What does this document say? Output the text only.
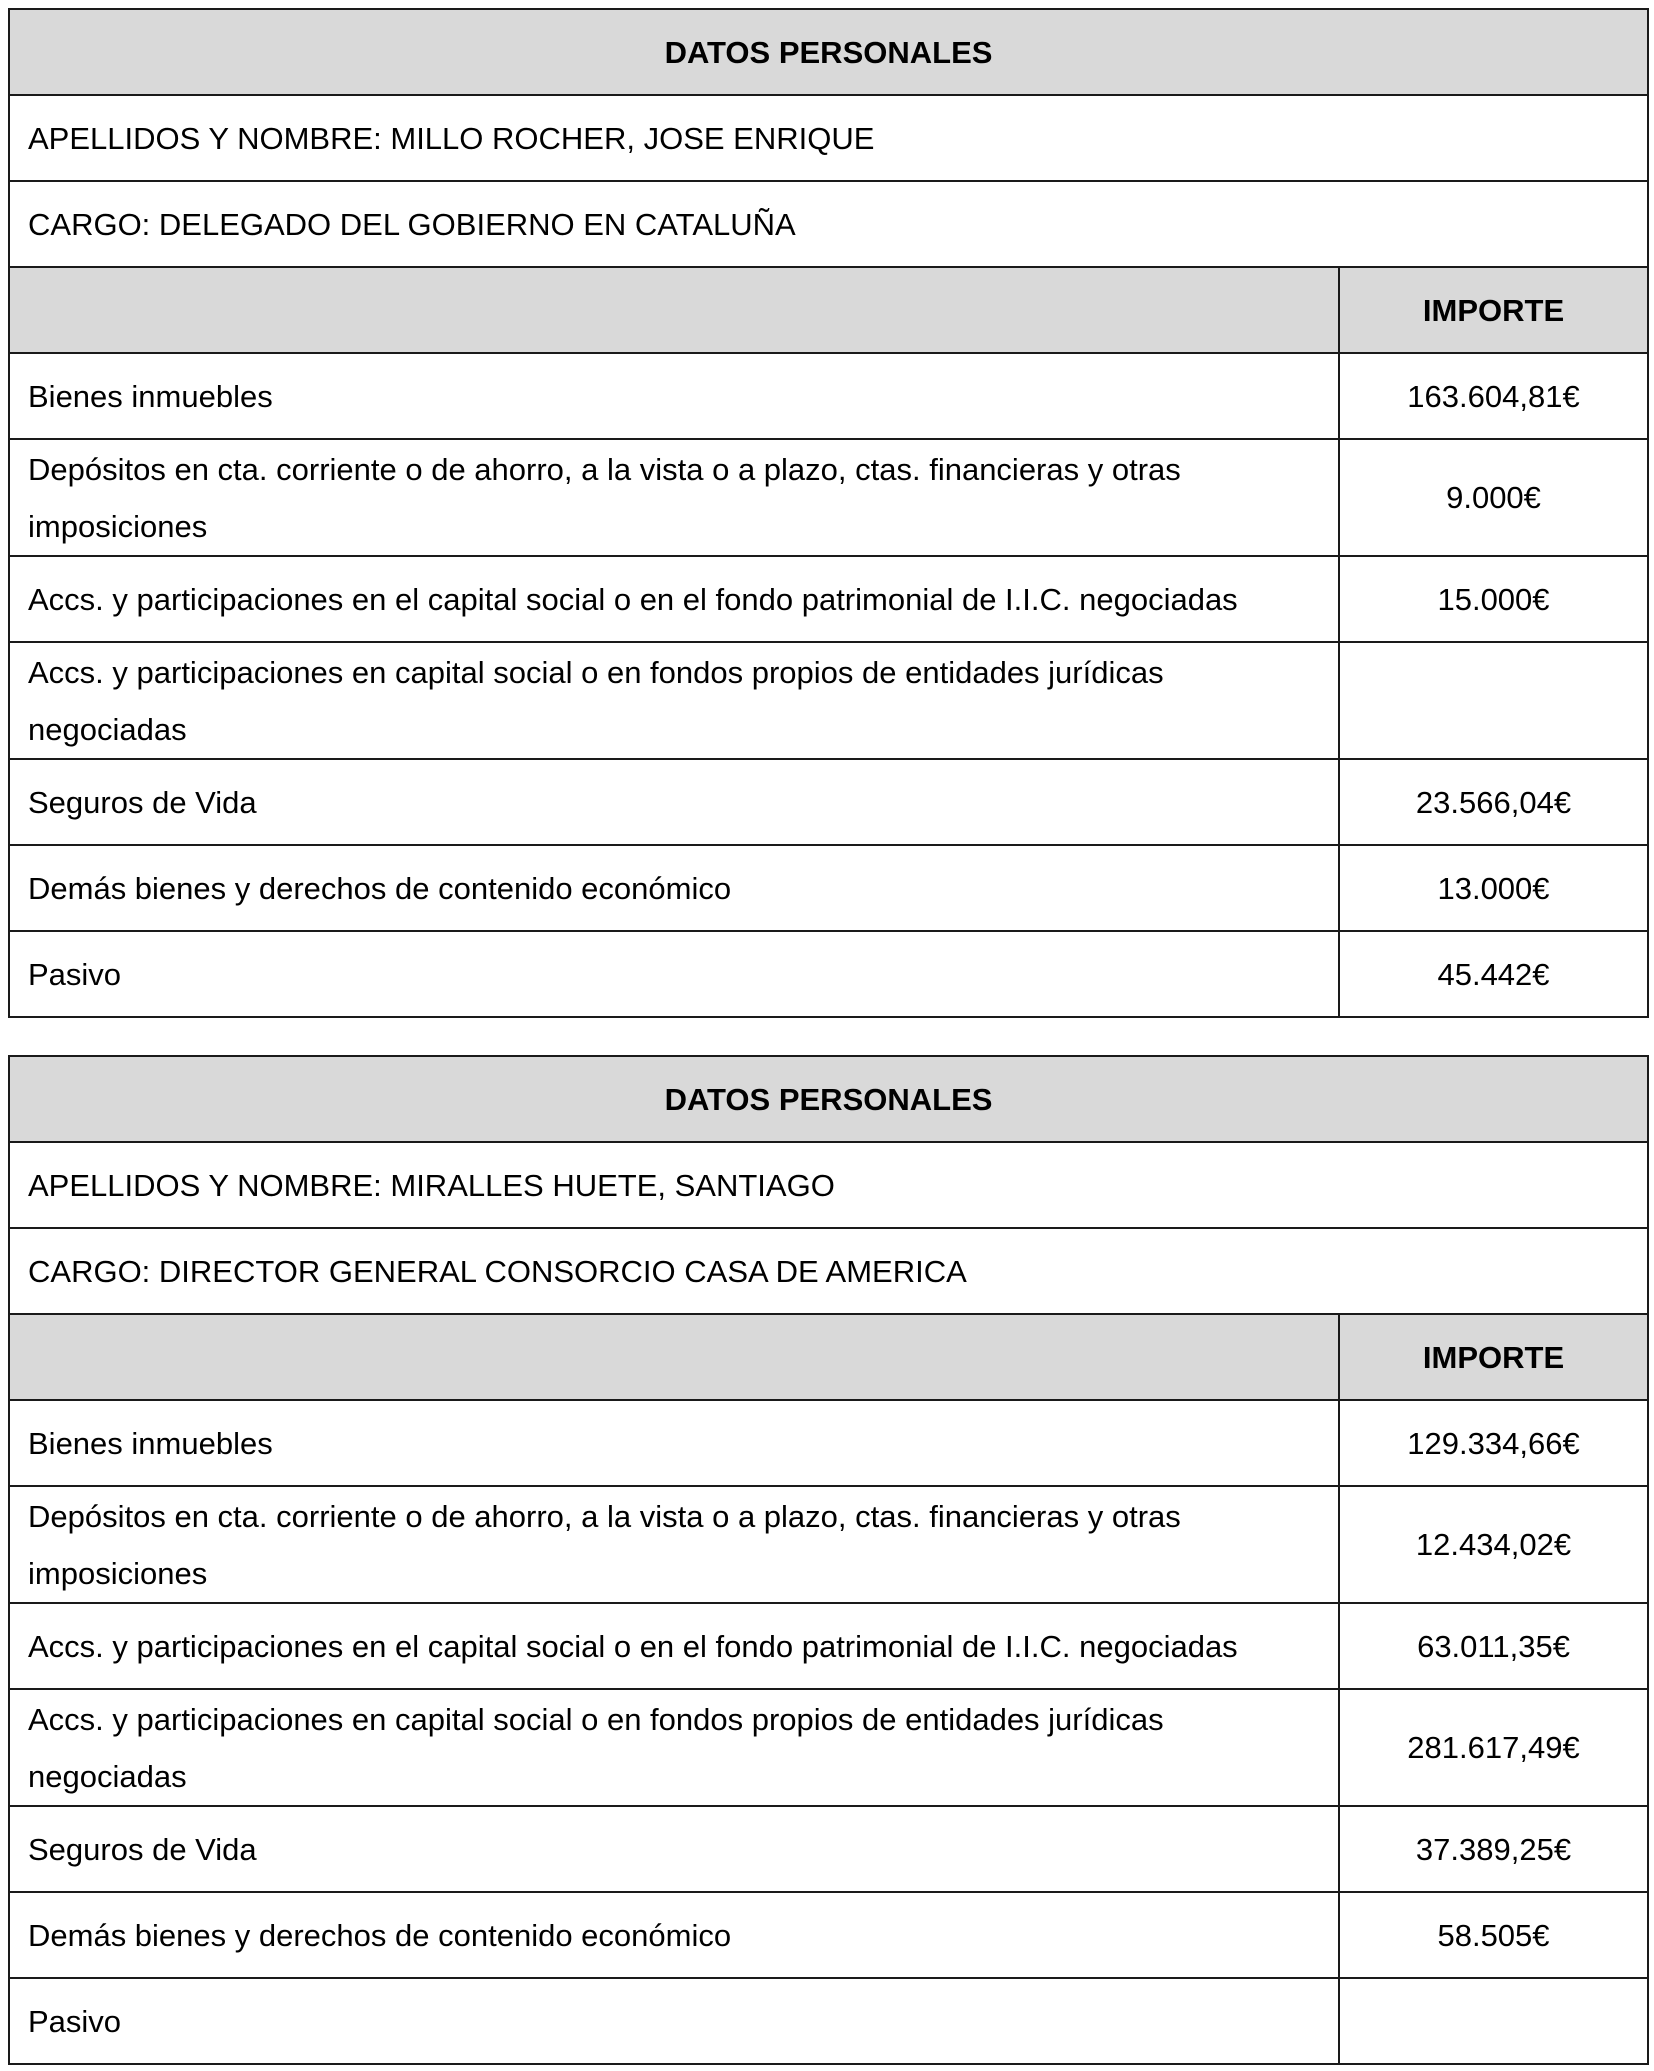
DATOS PERSONALES	
APELLIDOS Y NOMBRE: MILLO ROCHER, JOSE ENRIQUE	
CARGO: DELEGADO DEL GOBIERNO EN CATALUÑA	
	IMPORTE
Bienes inmuebles	163.604,81€
Depósitos en cta. corriente o de ahorro, a la vista o a plazo, ctas. financieras y otras imposiciones	9.000€
Accs. y participaciones en el capital social o en el fondo patrimonial de I.I.C. negociadas	15.000€
Accs. y participaciones en capital social o en fondos propios de entidades jurídicas negociadas	
Seguros de Vida	23.566,04€
Demás bienes y derechos de contenido económico	13.000€
Pasivo	45.442€
DATOS PERSONALES	
APELLIDOS Y NOMBRE: MIRALLES HUETE, SANTIAGO	
CARGO: DIRECTOR GENERAL CONSORCIO CASA DE AMERICA	
	IMPORTE
Bienes inmuebles	129.334,66€
Depósitos en cta. corriente o de ahorro, a la vista o a plazo, ctas. financieras y otras imposiciones	12.434,02€
Accs. y participaciones en el capital social o en el fondo patrimonial de I.I.C. negociadas	63.011,35€
Accs. y participaciones en capital social o en fondos propios de entidades jurídicas negociadas	281.617,49€
Seguros de Vida	37.389,25€
Demás bienes y derechos de contenido económico	58.505€
Pasivo	
